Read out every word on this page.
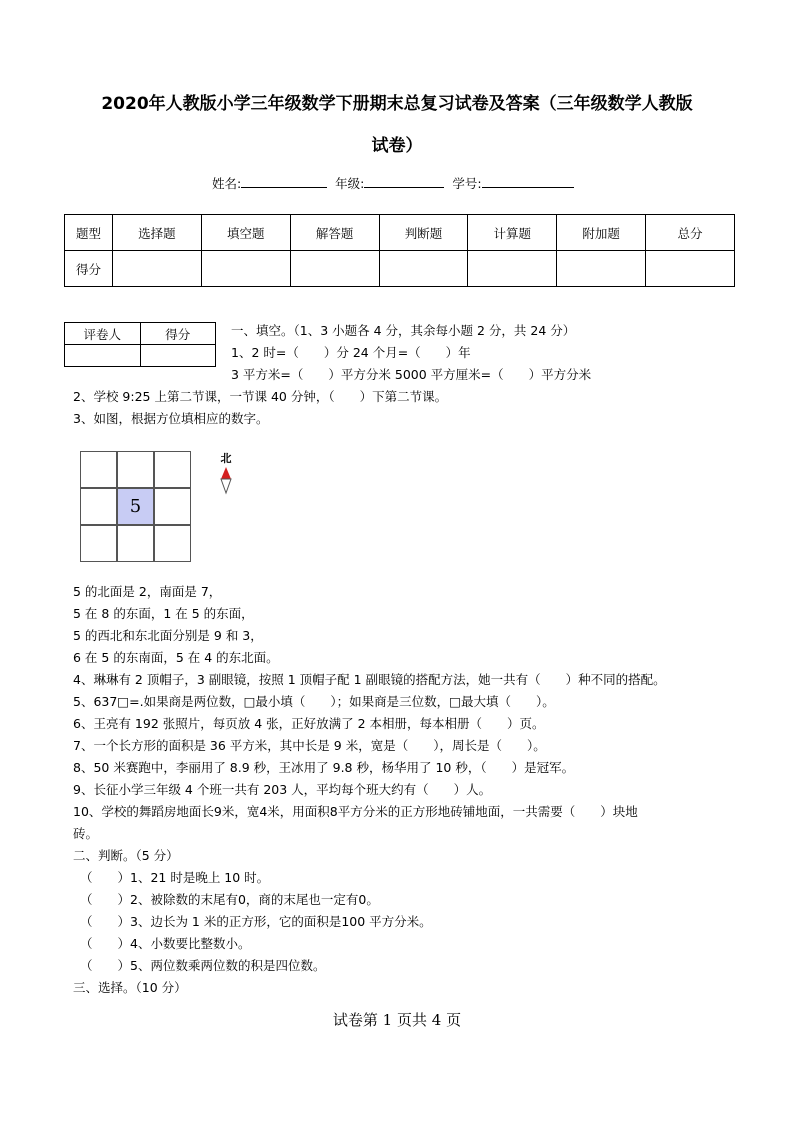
2020年人教版小学三年级数学下册期末总复习试卷及答案（三年级数学人教版
试卷）
姓名:	年级:	学号:
题型	选择题	填空题	解答题	判断题	计算题	附加题	总分
得分							
评卷人	得分
		一、填空。（1、3 小题各 4 分，其余每小题 2 分，共 24 分）
1、2 时=（　　）分 24 个月=（　　）年
3 平方米=（　　）平方分米 5000 平方厘米=（　　）平方分米
2、学校 9:25 上第二节课，一节课 40 分钟，（　　）下第二节课。
3、如图，根据方位填相应的数字。
5
北
5 的北面是 2，南面是 7，
5 在 8 的东面，1 在 5 的东面，
5 的西北和东北面分别是 9 和 3，
6 在 5 的东南面，5 在 4 的东北面。
4、琳琳有 2 顶帽子，3 副眼镜，按照 1 顶帽子配 1 副眼镜的搭配方法，她一共有（　　）种不同的搭配。
5、637□=.如果商是两位数，□最小填（　　）；如果商是三位数，□最大填（　　）。
6、王亮有 192 张照片，每页放 4 张，正好放满了 2 本相册，每本相册（　　）页。
7、一个长方形的面积是 36 平方米，其中长是 9 米，宽是（　　），周长是（　　）。
8、50 米赛跑中，李丽用了 8.9 秒，王冰用了 9.8 秒，杨华用了 10 秒，（　　）是冠军。
9、长征小学三年级 4 个班一共有 203 人，平均每个班大约有（　　）人。
10、学校的舞蹈房地面长9米，宽4米，用面积8平方分米的正方形地砖铺地面，一共需要（　　）块地
砖。
二、判断。（5 分）
（　　）1、21 时是晚上 10 时。
（　　）2、被除数的末尾有0，商的末尾也一定有0。
（　　）3、边长为 1 米的正方形，它的面积是100 平方分米。
（　　）4、小数要比整数小。
（　　）5、两位数乘两位数的积是四位数。
三、选择。（10 分）
试卷第 1 页共 4 页
